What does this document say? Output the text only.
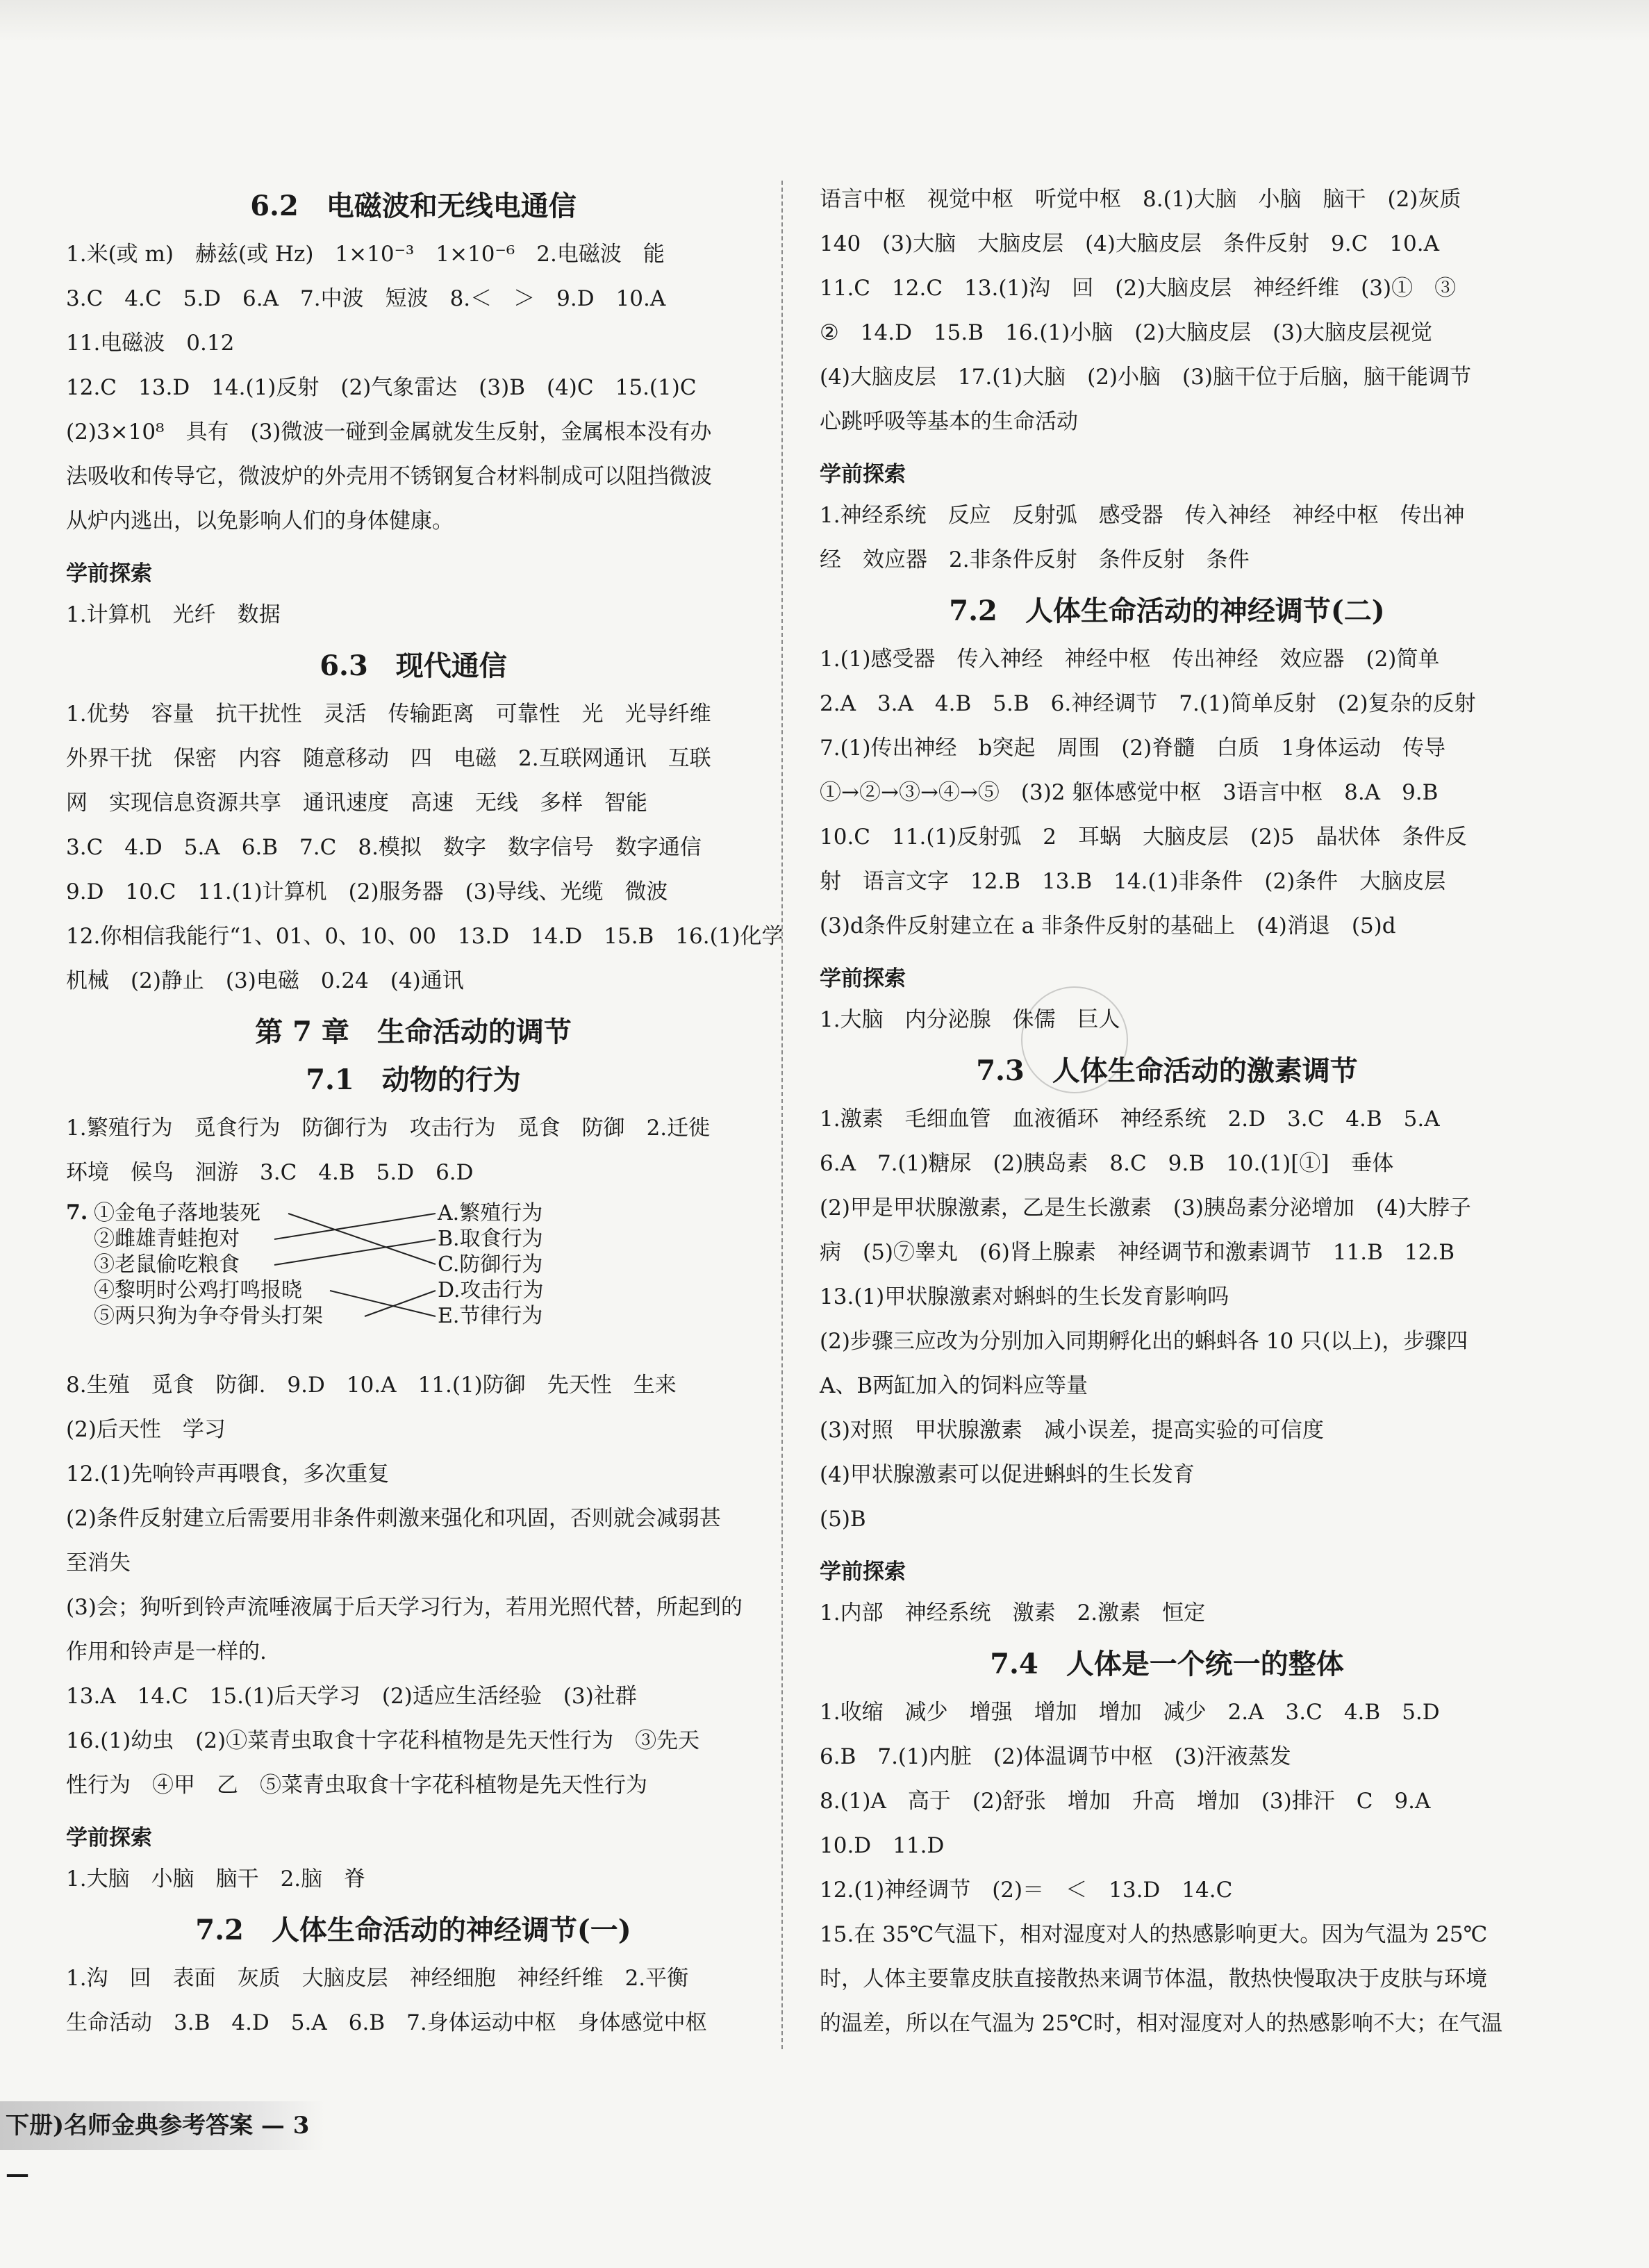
6.2　电磁波和无线电通信
1.米(或 m)　赫兹(或 Hz)　1×10⁻³　1×10⁻⁶　2.电磁波　能
3.C　4.C　5.D　6.A　7.中波　短波　8.＜　＞　9.D　10.A
11.电磁波　0.12
12.C　13.D　14.(1)反射　(2)气象雷达　(3)B　(4)C　15.(1)C
(2)3×10⁸　具有　(3)微波一碰到金属就发生反射，金属根本没有办
法吸收和传导它，微波炉的外壳用不锈钢复合材料制成可以阻挡微波
从炉内逃出，以免影响人们的身体健康。
学前探索
1.计算机　光纤　数据
6.3　现代通信
1.优势　容量　抗干扰性　灵活　传输距离　可靠性　光　光导纤维
外界干扰　保密　内容　随意移动　四　电磁　2.互联网通讯　互联
网　实现信息资源共享　通讯速度　高速　无线　多样　智能
3.C　4.D　5.A　6.B　7.C　8.模拟　数字　数字信号　数字通信
9.D　10.C　11.(1)计算机　(2)服务器　(3)导线、光缆　微波
12.你相信我能行“1、01、0、10、00　13.D　14.D　15.B　16.(1)化学
机械　(2)静止　(3)电磁　0.24　(4)通讯
第 7 章　生命活动的调节
7.1　动物的行为
1.繁殖行为　觅食行为　防御行为　攻击行为　觅食　防御　2.迁徙
环境　候鸟　洄游　3.C　4.B　5.D　6.D
7. ①金龟子落地装死
②雌雄青蛙抱对
③老鼠偷吃粮食
④黎明时公鸡打鸣报晓
⑤两只狗为争夺骨头打架
A.繁殖行为
B.取食行为
C.防御行为
D.攻击行为
E.节律行为
8.生殖　觅食　防御.　9.D　10.A　11.(1)防御　先天性　生来
(2)后天性　学习
12.(1)先响铃声再喂食，多次重复
(2)条件反射建立后需要用非条件刺激来强化和巩固，否则就会减弱甚
至消失
(3)会；狗听到铃声流唾液属于后天学习行为，若用光照代替，所起到的
作用和铃声是一样的.
13.A　14.C　15.(1)后天学习　(2)适应生活经验　(3)社群
16.(1)幼虫　(2)①菜青虫取食十字花科植物是先天性行为　③先天
性行为　④甲　乙　⑤菜青虫取食十字花科植物是先天性行为
学前探索
1.大脑　小脑　脑干　2.脑　脊
7.2　人体生命活动的神经调节(一)
1.沟　回　表面　灰质　大脑皮层　神经细胞　神经纤维　2.平衡
生命活动　3.B　4.D　5.A　6.B　7.身体运动中枢　身体感觉中枢
语言中枢　视觉中枢　听觉中枢　8.(1)大脑　小脑　脑干　(2)灰质
140　(3)大脑　大脑皮层　(4)大脑皮层　条件反射　9.C　10.A
11.C　12.C　13.(1)沟　回　(2)大脑皮层　神经纤维　(3)①　③
②　14.D　15.B　16.(1)小脑　(2)大脑皮层　(3)大脑皮层视觉
(4)大脑皮层　17.(1)大脑　(2)小脑　(3)脑干位于后脑，脑干能调节
心跳呼吸等基本的生命活动
学前探索
1.神经系统　反应　反射弧　感受器　传入神经　神经中枢　传出神
经　效应器　2.非条件反射　条件反射　条件
7.2　人体生命活动的神经调节(二)
1.(1)感受器　传入神经　神经中枢　传出神经　效应器　(2)简单
2.A　3.A　4.B　5.B　6.神经调节　7.(1)简单反射　(2)复杂的反射
7.(1)传出神经　b突起　周围　(2)脊髓　白质　1身体运动　传导
①→②→③→④→⑤　(3)2 躯体感觉中枢　3语言中枢　8.A　9.B
10.C　11.(1)反射弧　2　耳蜗　大脑皮层　(2)5　晶状体　条件反
射　语言文字　12.B　13.B　14.(1)非条件　(2)条件　大脑皮层
(3)d条件反射建立在 a 非条件反射的基础上　(4)消退　(5)d
学前探索
1.大脑　内分泌腺　侏儒　巨人
7.3　人体生命活动的激素调节
1.激素　毛细血管　血液循环　神经系统　2.D　3.C　4.B　5.A
6.A　7.(1)糖尿　(2)胰岛素　8.C　9.B　10.(1)[①]　垂体
(2)甲是甲状腺激素，乙是生长激素　(3)胰岛素分泌增加　(4)大脖子
病　(5)⑦睾丸　(6)肾上腺素　神经调节和激素调节　11.B　12.B
13.(1)甲状腺激素对蝌蚪的生长发育影响吗
(2)步骤三应改为分别加入同期孵化出的蝌蚪各 10 只(以上)，步骤四
A、B两缸加入的饲料应等量
(3)对照　甲状腺激素　减小误差，提高实验的可信度
(4)甲状腺激素可以促进蝌蚪的生长发育
(5)B
学前探索
1.内部　神经系统　激素　2.激素　恒定
7.4　人体是一个统一的整体
1.收缩　减少　增强　增加　增加　减少　2.A　3.C　4.B　5.D
6.B　7.(1)内脏　(2)体温调节中枢　(3)汗液蒸发
8.(1)A　高于　(2)舒张　增加　升高　增加　(3)排汗　C　9.A
10.D　11.D
12.(1)神经调节　(2)＝　＜　13.D　14.C
15.在 35℃气温下，相对湿度对人的热感影响更大。因为气温为 25℃
时，人体主要靠皮肤直接散热来调节体温，散热快慢取决于皮肤与环境
的温差，所以在气温为 25℃时，相对湿度对人的热感影响不大；在气温
下册)名师金典参考答案 — 3 —
